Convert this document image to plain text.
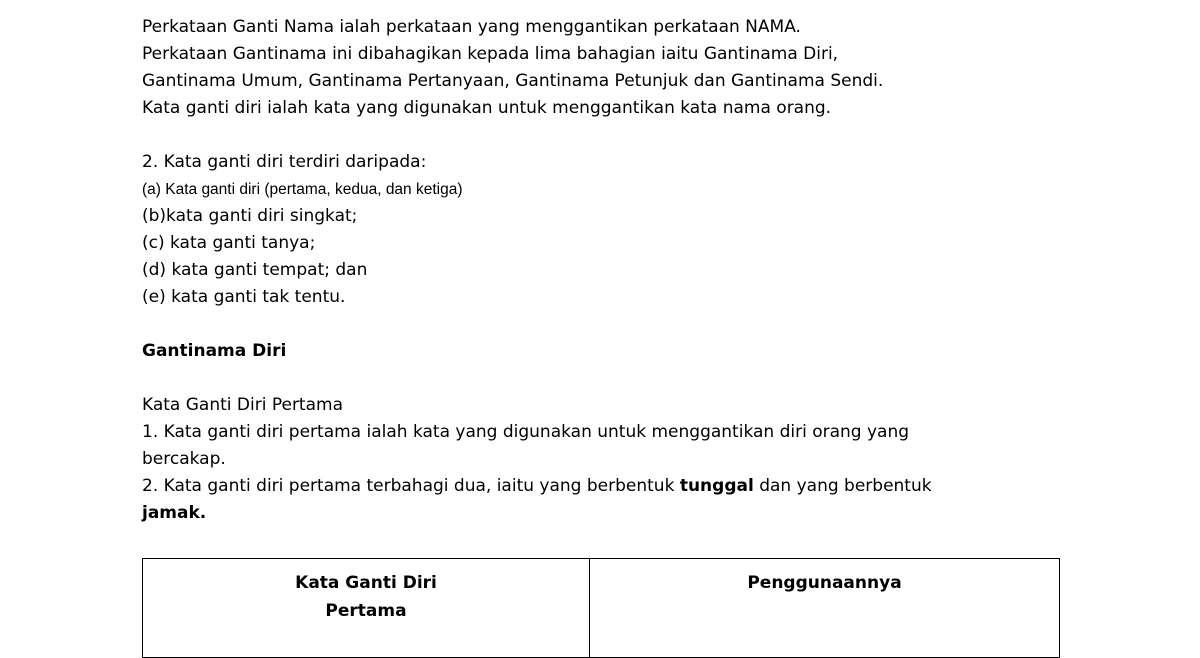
Perkataan Ganti Nama ialah perkataan yang menggantikan perkataan NAMA.
Perkataan Gantinama ini dibahagikan kepada lima bahagian iaitu Gantinama Diri,
Gantinama Umum, Gantinama Pertanyaan, Gantinama Petunjuk dan Gantinama Sendi.
Kata ganti diri ialah kata yang digunakan untuk menggantikan kata nama orang.
2. Kata ganti diri terdiri daripada:
(a) Kata ganti diri (pertama, kedua, dan ketiga)
(b)kata ganti diri singkat;
(c) kata ganti tanya;
(d) kata ganti tempat; dan
(e) kata ganti tak tentu.
Gantinama Diri
Kata Ganti Diri Pertama
1. Kata ganti diri pertama ialah kata yang digunakan untuk menggantikan diri orang yang
bercakap.
2. Kata ganti diri pertama terbahagi dua, iaitu yang berbentuk tunggal dan yang berbentuk
jamak.
Kata Ganti Diri
Pertama
Penggunaannya
